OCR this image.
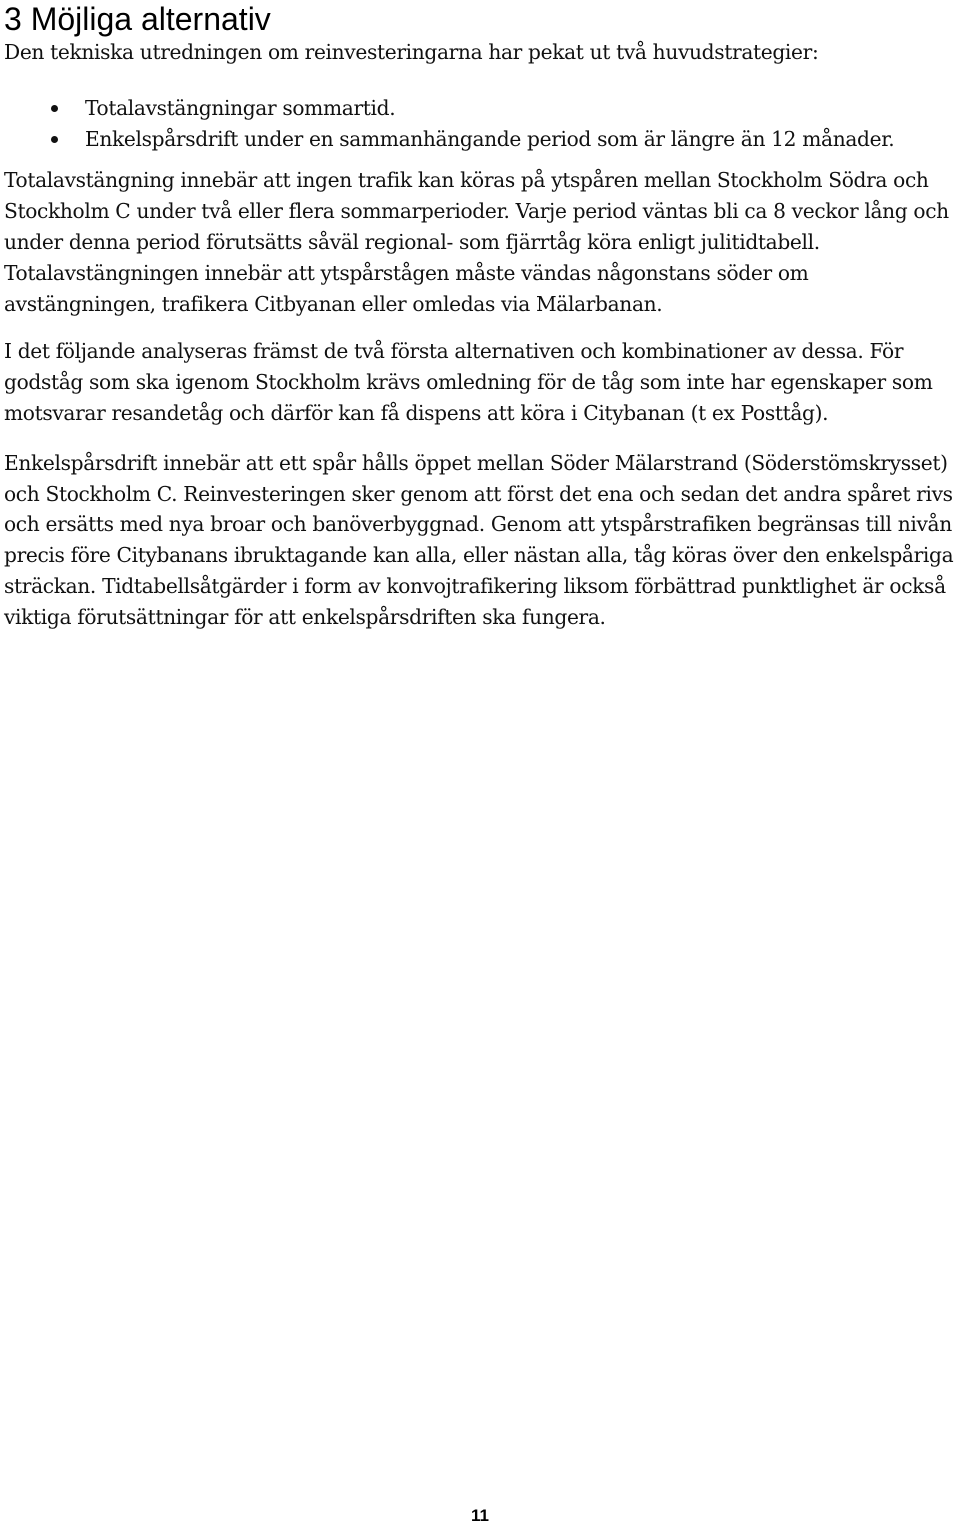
3 Möjliga alternativ

Den tekniska utredningen om reinvesteringarna har pekat ut två huvudstrategier:

Totalavstängningar sommartid.
Enkelspårsdrift under en sammanhängande period som är längre än 12 månader.

Totalavstängning innebär att ingen trafik kan köras på ytspåren mellan Stockholm Södra och Stockholm C under två eller flera sommarperioder. Varje period väntas bli ca 8 veckor lång och under denna period förutsätts såväl regional- som fjärrtåg köra enligt julitidtabell. Totalavstängningen innebär att ytspårstågen måste vändas någonstans söder om avstängningen, trafikera Citbyanan eller omledas via Mälarbanan.

I det följande analyseras främst de två första alternativen och kombinationer av dessa. För godståg som ska igenom Stockholm krävs omledning för de tåg som inte har egenskaper som motsvarar resandetåg och därför kan få dispens att köra i Citybanan (t ex Posttåg).

Enkelspårsdrift innebär att ett spår hålls öppet mellan Söder Mälarstrand (Söderstömskrysset) och Stockholm C. Reinvesteringen sker genom att först det ena och sedan det andra spåret rivs och ersätts med nya broar och banöverbyggnad. Genom att ytspårstrafiken begränsas till nivån precis före Citybanans ibruktagande kan alla, eller nästan alla, tåg köras över den enkelspåriga sträckan. Tidtabellsåtgärder i form av konvojtrafikering liksom förbättrad punktlighet är också viktiga förutsättningar för att enkelspårsdriften ska fungera.

11
